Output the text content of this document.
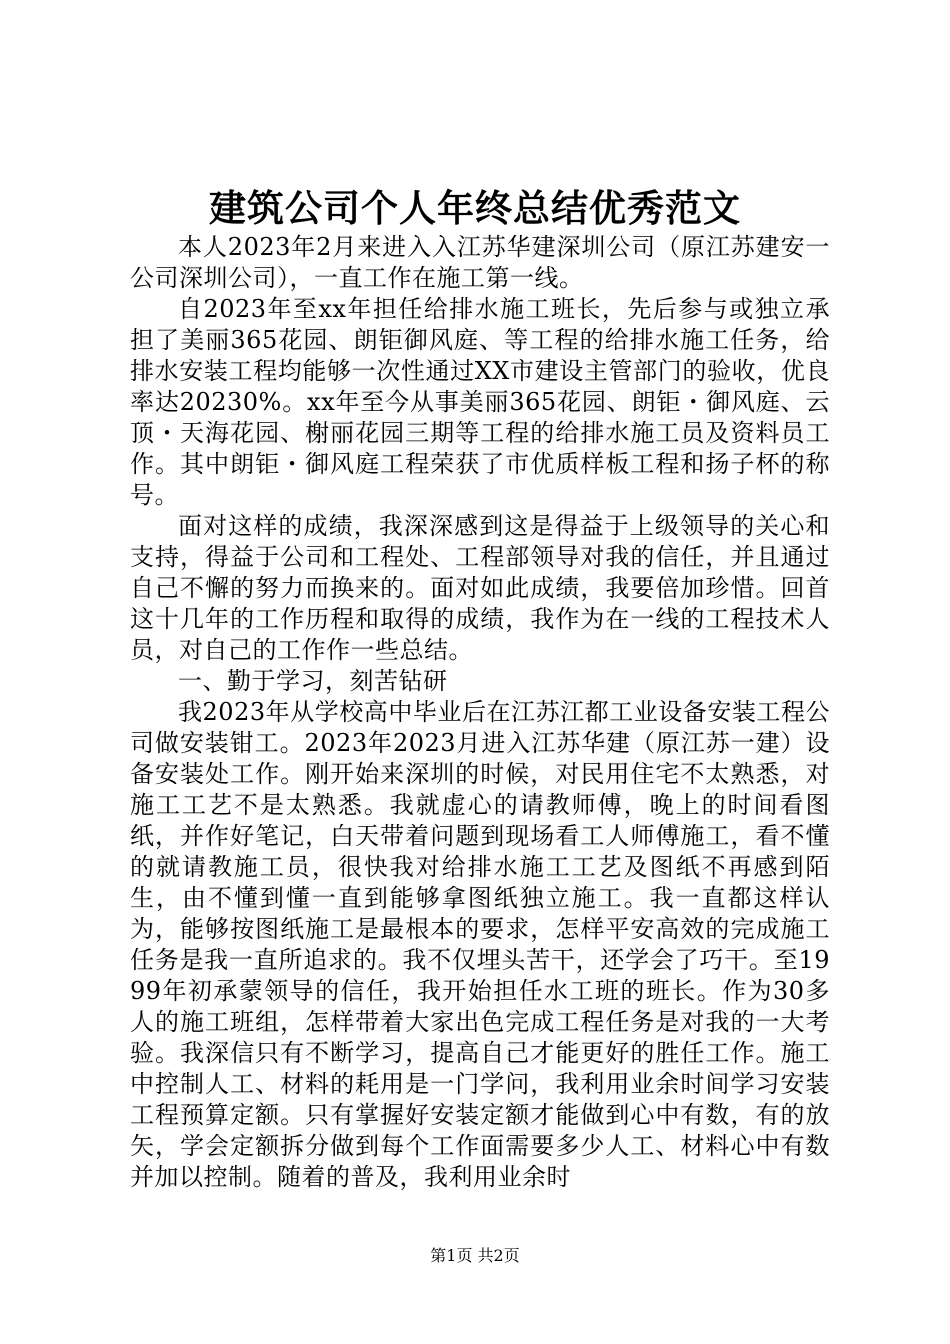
建筑公司个人年终总结优秀范文

本人2023年2月来进入入江苏华建深圳公司（原江苏建安一公司深圳公司），一直工作在施工第一线。

自2023年至xx年担任给排水施工班长，先后参与或独立承担了美丽365花园、朗钜御风庭、等工程的给排水施工任务，给排水安装工程均能够一次性通过XX市建设主管部门的验收，优良率达20230%。xx年至今从事美丽365花园、朗钜・御风庭、云顶・天海花园、榭丽花园三期等工程的给排水施工员及资料员工作。其中朗钜・御风庭工程荣获了市优质样板工程和扬子杯的称号。

面对这样的成绩，我深深感到这是得益于上级领导的关心和支持，得益于公司和工程处、工程部领导对我的信任，并且通过自己不懈的努力而换来的。面对如此成绩，我要倍加珍惜。回首这十几年的工作历程和取得的成绩，我作为在一线的工程技术人员，对自己的工作作一些总结。

一、勤于学习，刻苦钻研

我2023年从学校高中毕业后在江苏江都工业设备安装工程公司做安装钳工。2023年2023月进入江苏华建（原江苏一建）设备安装处工作。刚开始来深圳的时候，对民用住宅不太熟悉，对施工工艺不是太熟悉。我就虚心的请教师傅，晚上的时间看图纸，并作好笔记，白天带着问题到现场看工人师傅施工，看不懂的就请教施工员，很快我对给排水施工工艺及图纸不再感到陌生，由不懂到懂一直到能够拿图纸独立施工。我一直都这样认为，能够按图纸施工是最根本的要求，怎样平安高效的完成施工任务是我一直所追求的。我不仅埋头苦干，还学会了巧干。至1999年初承蒙领导的信任，我开始担任水工班的班长。作为30多人的施工班组，怎样带着大家出色完成工程任务是对我的一大考验。我深信只有不断学习，提高自己才能更好的胜任工作。施工中控制人工、材料的耗用是一门学问，我利用业余时间学习安装工程预算定额。只有掌握好安装定额才能做到心中有数，有的放矢，学会定额拆分做到每个工作面需要多少人工、材料心中有数并加以控制。随着的普及，我利用业余时

第1页 共2页
